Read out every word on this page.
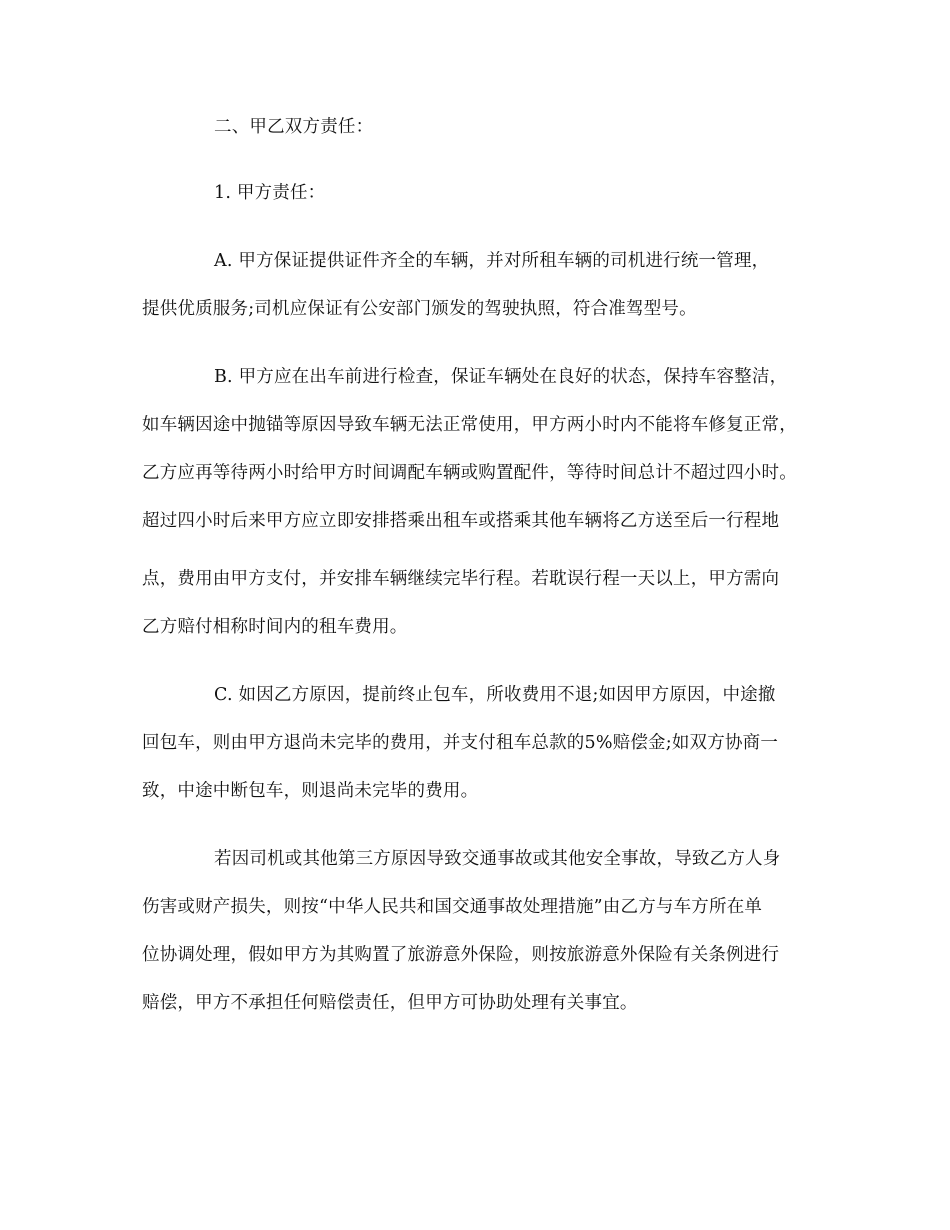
二、甲乙双方责任：
1. 甲方责任：
A. 甲方保证提供证件齐全的车辆，并对所租车辆的司机进行统一管理，
提供优质服务;司机应保证有公安部门颁发的驾驶执照，符合准驾型号。
B. 甲方应在出车前进行检查，保证车辆处在良好的状态，保持车容整洁，
如车辆因途中抛锚等原因导致车辆无法正常使用，甲方两小时内不能将车修复正常，
乙方应再等待两小时给甲方时间调配车辆或购置配件，等待时间总计不超过四小时。
超过四小时后来甲方应立即安排搭乘出租车或搭乘其他车辆将乙方送至后一行程地
点，费用由甲方支付，并安排车辆继续完毕行程。若耽误行程一天以上，甲方需向
乙方赔付相称时间内的租车费用。
C. 如因乙方原因，提前终止包车，所收费用不退;如因甲方原因，中途撤
回包车，则由甲方退尚未完毕的费用，并支付租车总款的5%赔偿金;如双方协商一
致，中途中断包车，则退尚未完毕的费用。
若因司机或其他第三方原因导致交通事故或其他安全事故，导致乙方人身
伤害或财产损失，则按“中华人民共和国交通事故处理措施”由乙方与车方所在单
位协调处理，假如甲方为其购置了旅游意外保险，则按旅游意外保险有关条例进行
赔偿，甲方不承担任何赔偿责任，但甲方可协助处理有关事宜。
